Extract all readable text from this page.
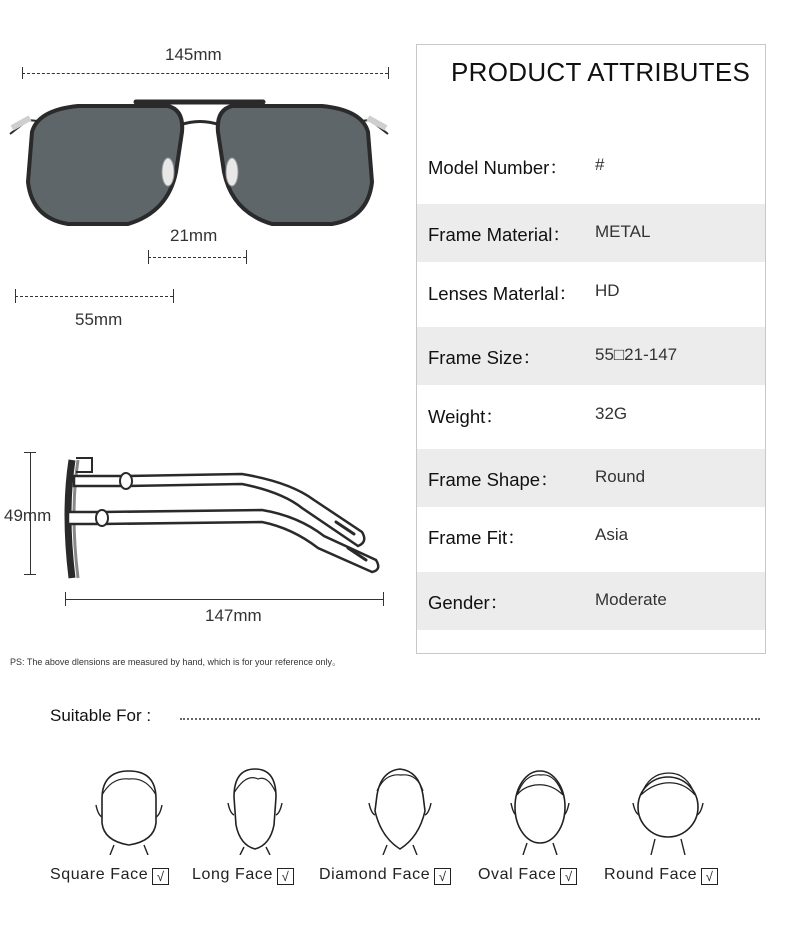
145mm
21mm
55mm
49mm
147mm
PS: The above dlensions are measured by hand, which is for your reference only。
PRODUCT ATTRIBUTES
Model Number： #
Frame Material： METAL
Lenses Materlal： HD
Frame Size：	55□21-147
Weight：	32G
Frame Shape： Round
Frame Fit：	Asia
Gender：	Moderate
Suitable For :
Square Face √ Long Face √ Diamond Face √ Oval Face √ Round Face √
